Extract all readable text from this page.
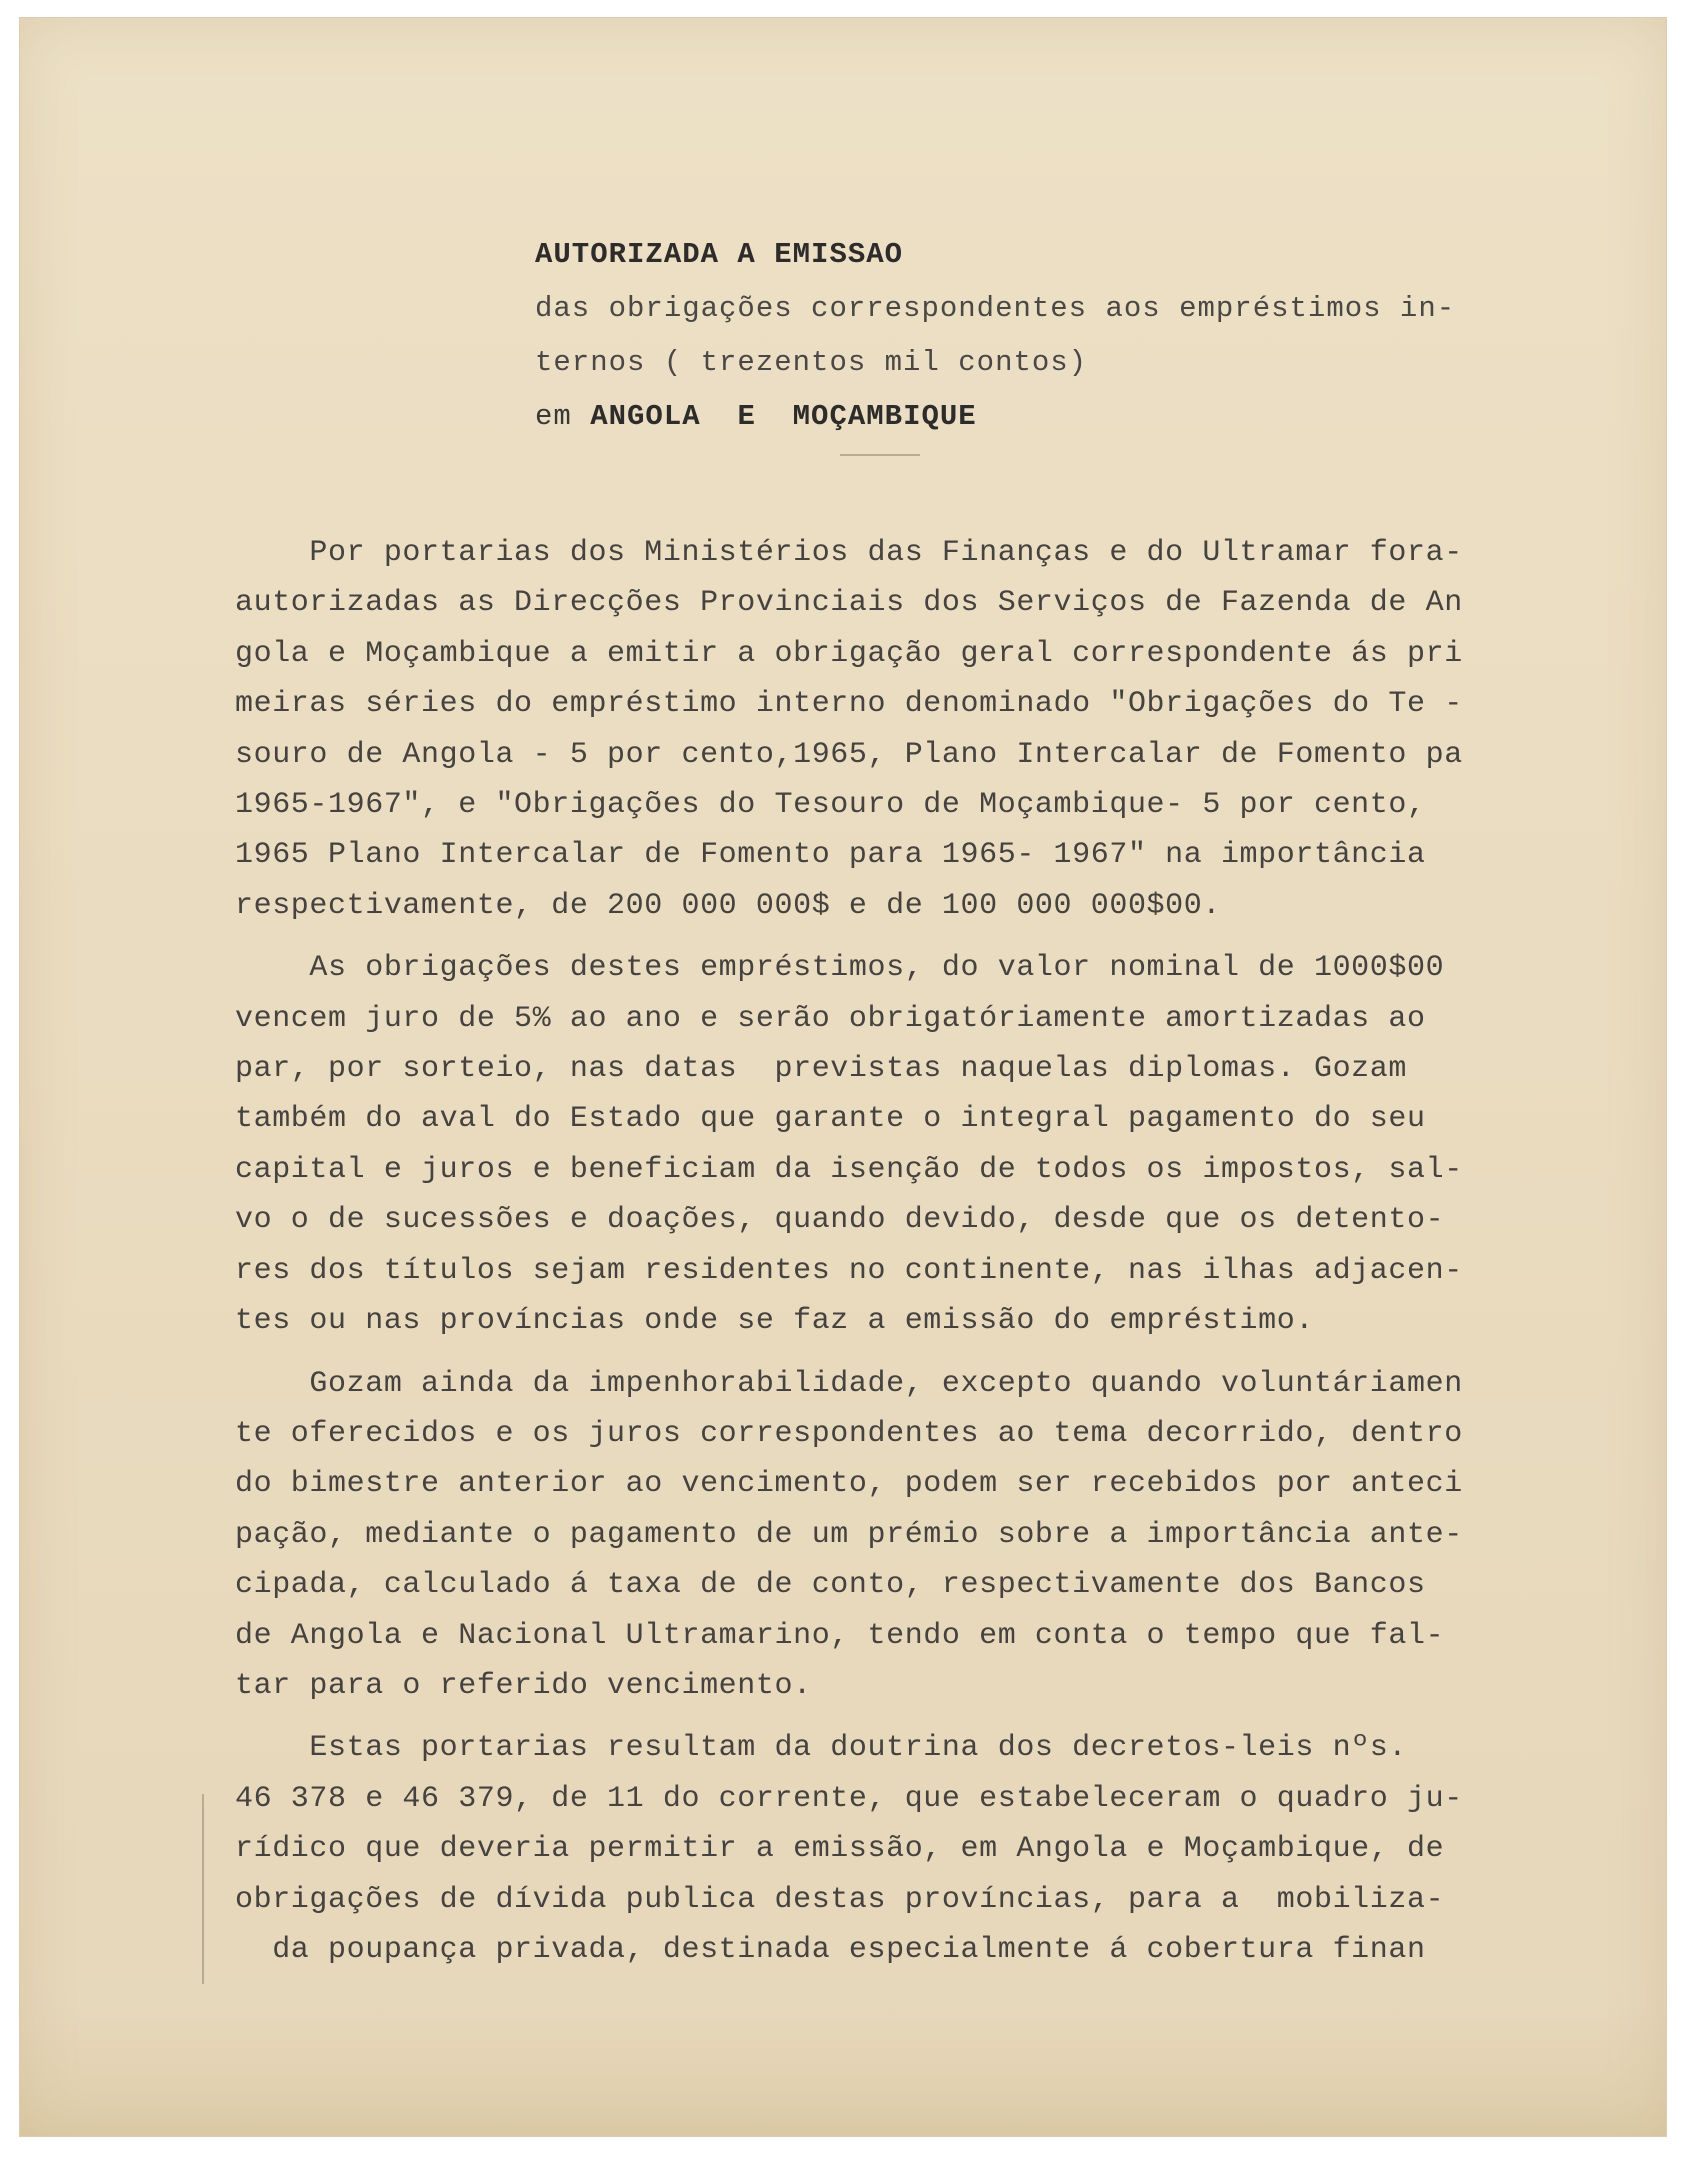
AUTORIZADA A EMISSAO
das obrigações correspondentes aos empréstimos in-
ternos ( trezentos mil contos)
em ANGOLA  E  MOÇAMBIQUE
Por portarias dos Ministérios das Finanças e do Ultramar fora-
autorizadas as Direcções Provinciais dos Serviços de Fazenda de An
gola e Moçambique a emitir a obrigação geral correspondente ás pri
meiras séries do empréstimo interno denominado "Obrigações do Te -
souro de Angola - 5 por cento,1965, Plano Intercalar de Fomento pa
1965-1967", e "Obrigações do Tesouro de Moçambique- 5 por cento,
1965 Plano Intercalar de Fomento para 1965- 1967" na importância
respectivamente, de 200 000 000$ e de 100 000 000$00.
As obrigações destes empréstimos, do valor nominal de 1000$00
vencem juro de 5% ao ano e serão obrigatóriamente amortizadas ao
par, por sorteio, nas datas  previstas naquelas diplomas. Gozam
também do aval do Estado que garante o integral pagamento do seu
capital e juros e beneficiam da isenção de todos os impostos, sal-
vo o de sucessões e doações, quando devido, desde que os detento-
res dos títulos sejam residentes no continente, nas ilhas adjacen-
tes ou nas províncias onde se faz a emissão do empréstimo.
Gozam ainda da impenhorabilidade, excepto quando voluntáriamen
te oferecidos e os juros correspondentes ao tema decorrido, dentro
do bimestre anterior ao vencimento, podem ser recebidos por anteci
pação, mediante o pagamento de um prémio sobre a importância ante-
cipada, calculado á taxa de de conto, respectivamente dos Bancos
de Angola e Nacional Ultramarino, tendo em conta o tempo que fal-
tar para o referido vencimento.
Estas portarias resultam da doutrina dos decretos-leis nºs.
46 378 e 46 379, de 11 do corrente, que estabeleceram o quadro ju-
rídico que deveria permitir a emissão, em Angola e Moçambique, de
obrigações de dívida publica destas províncias, para a  mobiliza-
da poupança privada, destinada especialmente á cobertura finan
